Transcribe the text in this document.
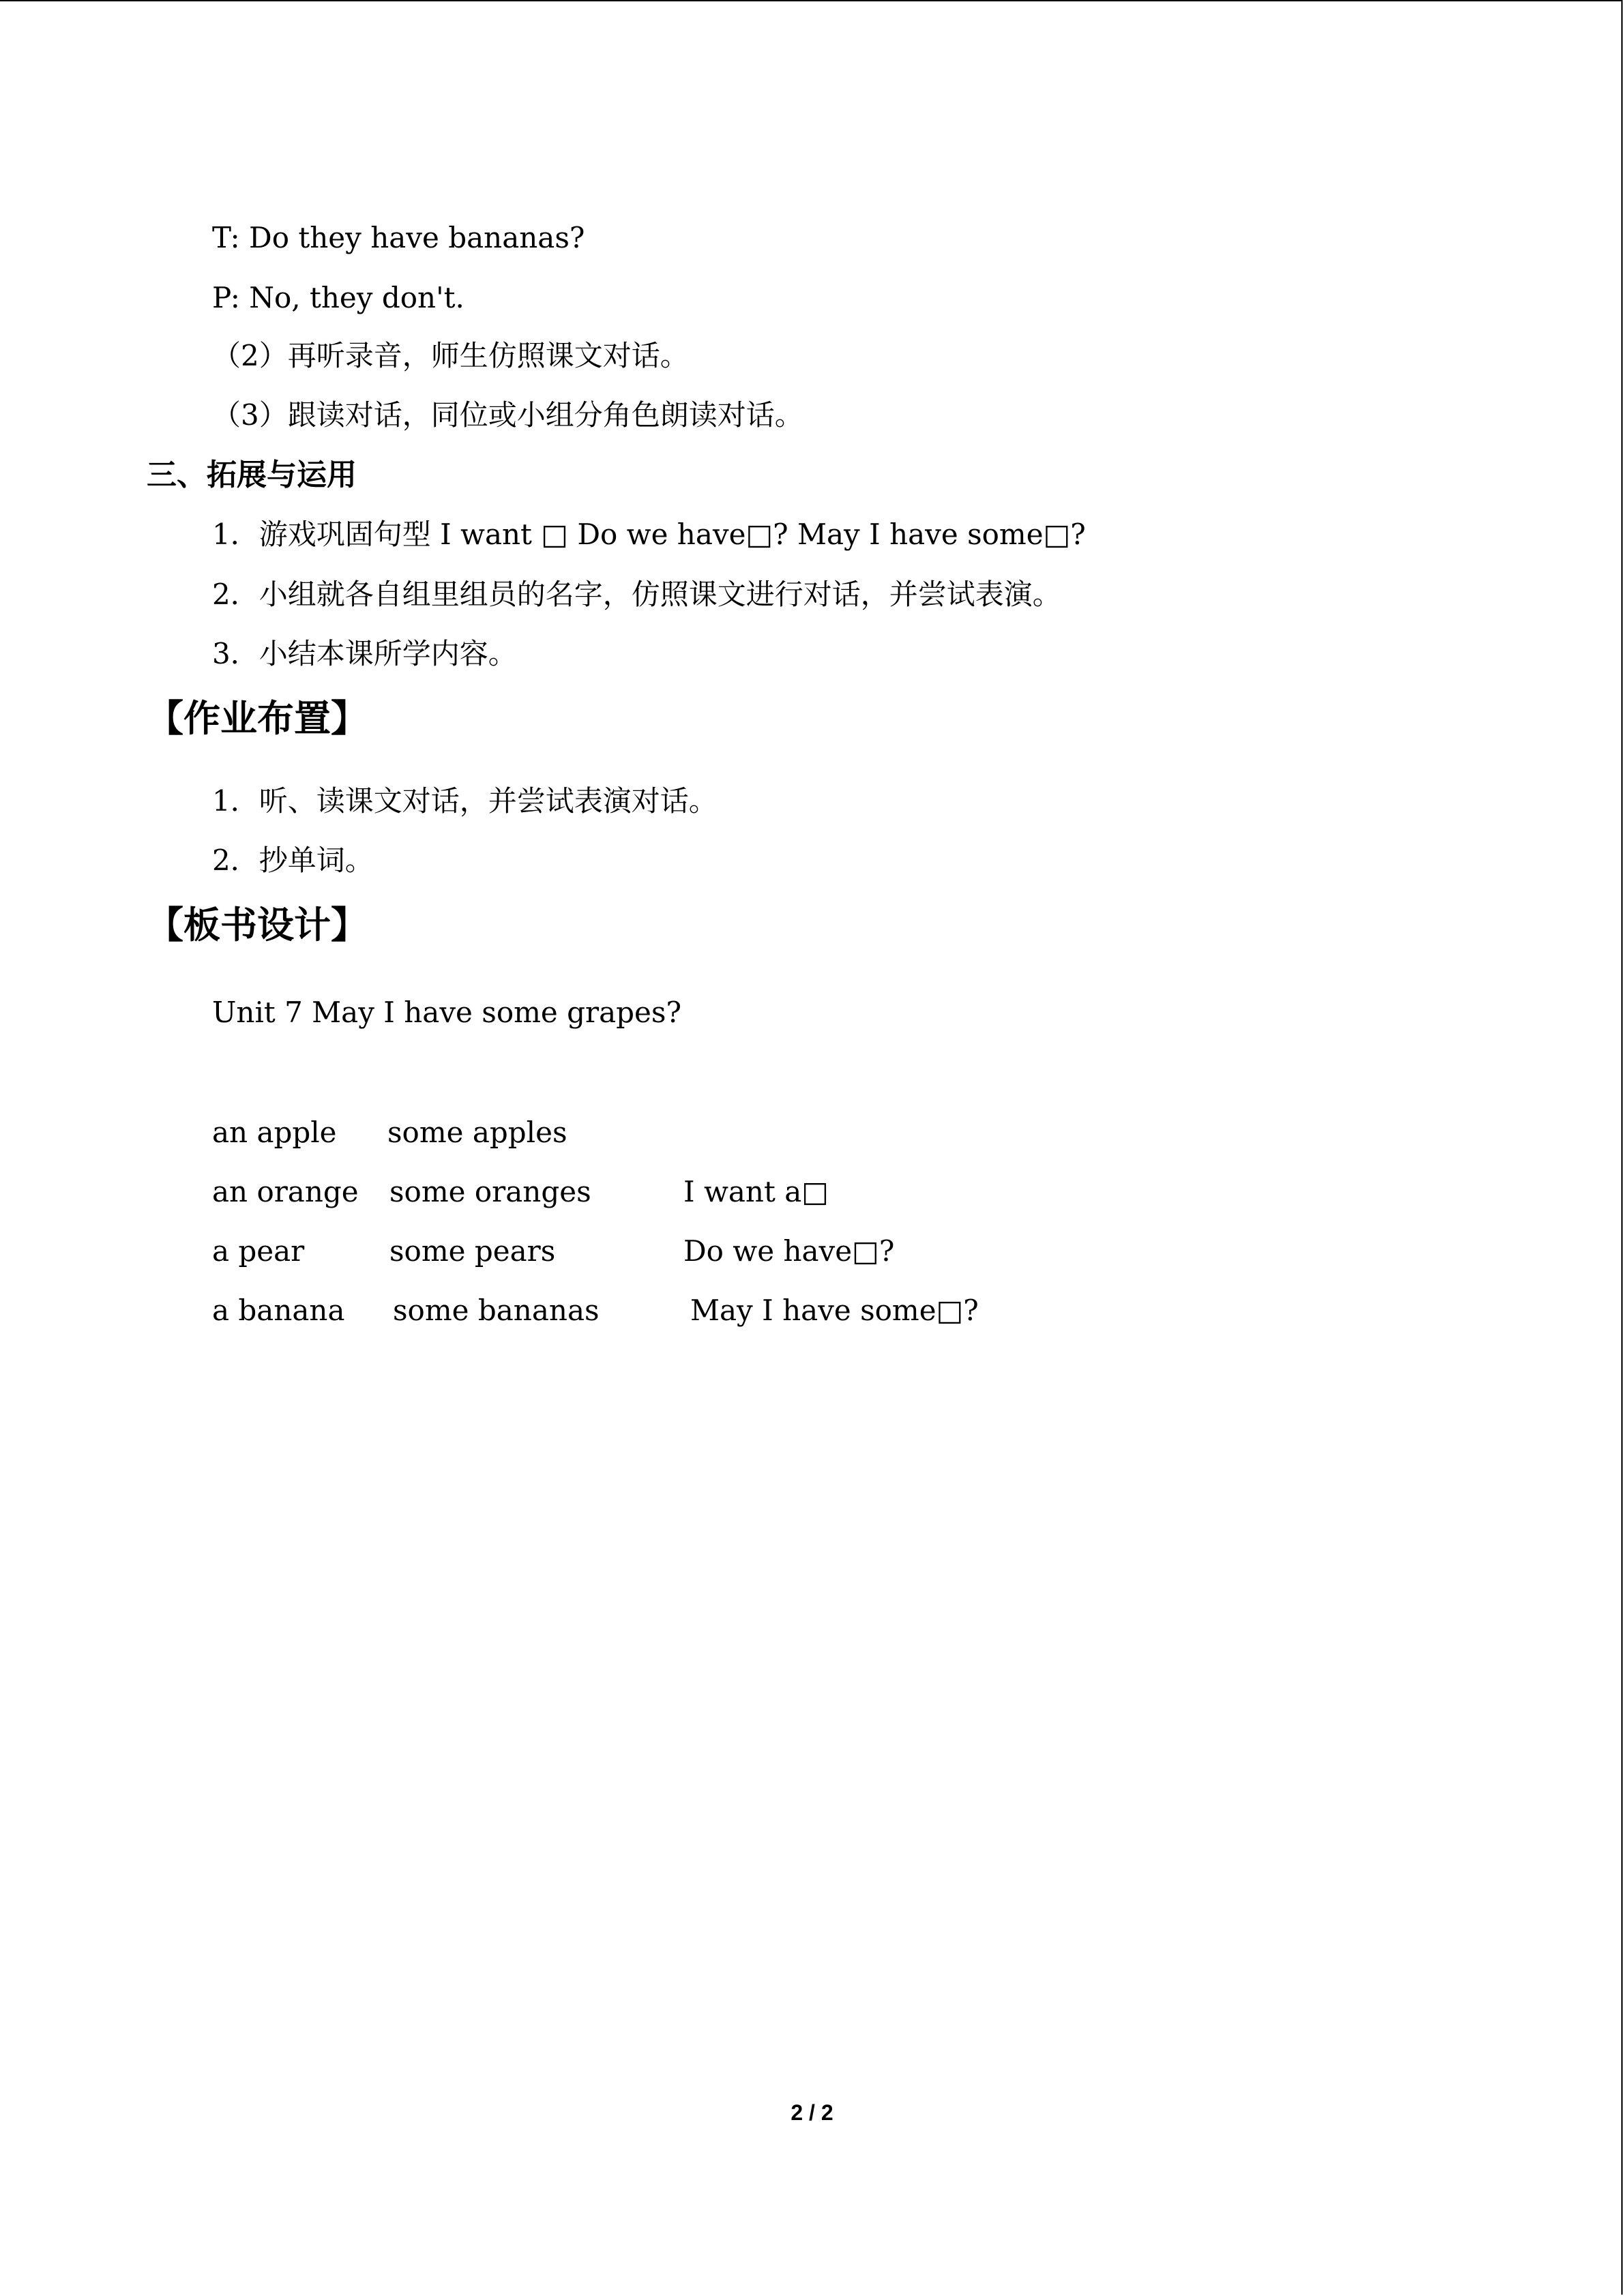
T: Do they have bananas?
P: No, they don't.
（2）再听录音，师生仿照课文对话。
（3）跟读对话，同位或小组分角色朗读对话。
三、拓展与运用
1．游戏巩固句型 I want □ Do we have□? May I have some□?
2．小组就各自组里组员的名字，仿照课文进行对话，并尝试表演。
3．小结本课所学内容。
【作业布置】
1．听、读课文对话，并尝试表演对话。
2．抄单词。
【板书设计】
Unit 7 May I have some grapes?
an apple some apples
an orange some oranges	I want a□
a pear	some pears	Do we have□?
a banana some bananas	May I have some□?
2 / 2
